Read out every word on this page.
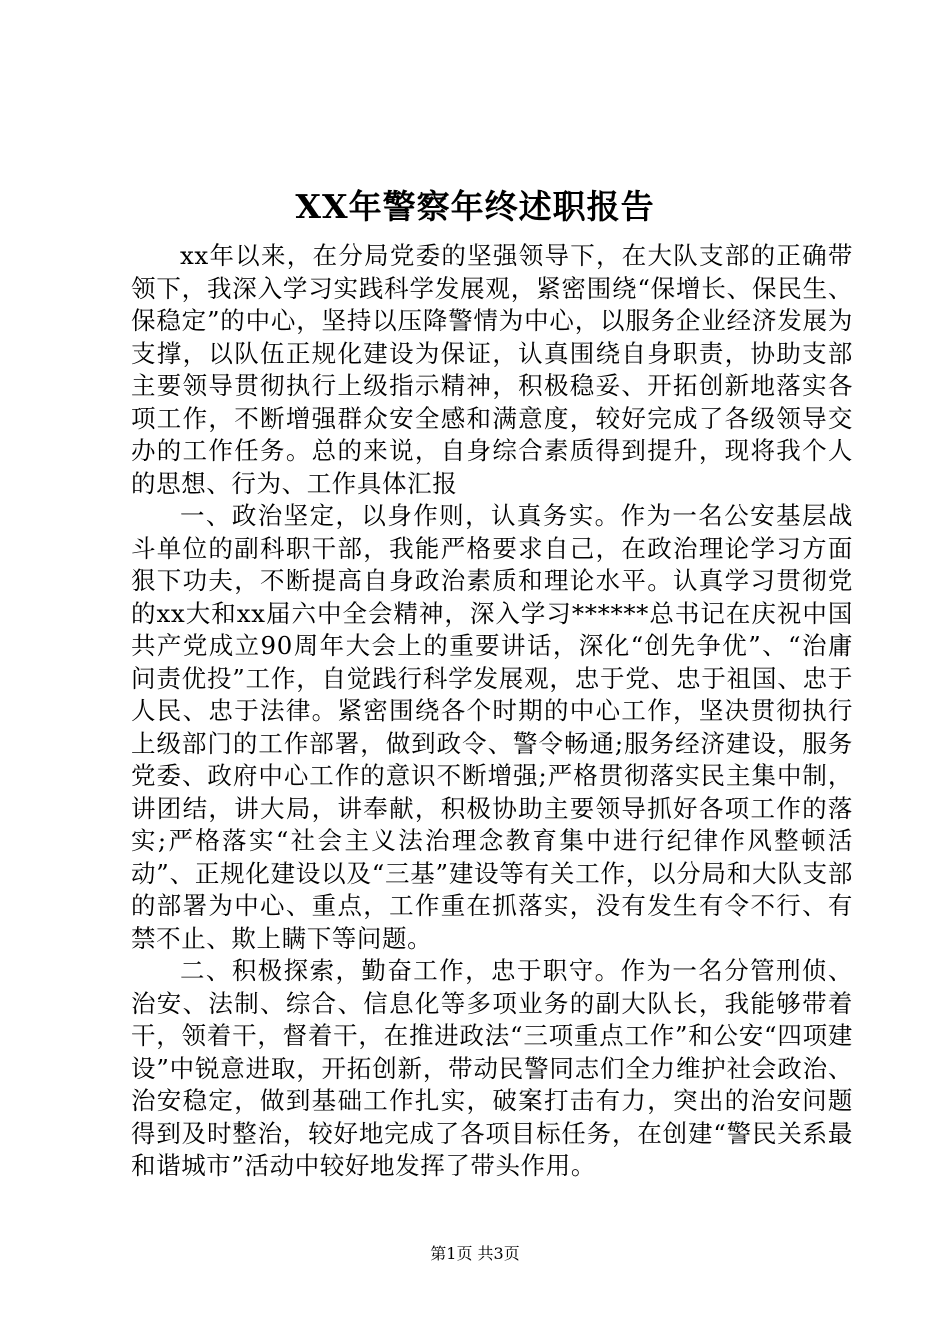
XX年警察年终述职报告

xx年以来，在分局党委的坚强领导下，在大队支部的正确带领下，我深入学习实践科学发展观，紧密围绕“保增长、保民生、保稳定”的中心，坚持以压降警情为中心，以服务企业经济发展为支撑，以队伍正规化建设为保证，认真围绕自身职责，协助支部主要领导贯彻执行上级指示精神，积极稳妥、开拓创新地落实各项工作，不断增强群众安全感和满意度，较好完成了各级领导交办的工作任务。总的来说，自身综合素质得到提升，现将我个人的思想、行为、工作具体汇报

一、政治坚定，以身作则，认真务实。作为一名公安基层战斗单位的副科职干部，我能严格要求自己，在政治理论学习方面狠下功夫，不断提高自身政治素质和理论水平。认真学习贯彻党的xx大和xx届六中全会精神，深入学习******总书记在庆祝中国共产党成立90周年大会上的重要讲话，深化“创先争优”、“治庸问责优投”工作，自觉践行科学发展观，忠于党、忠于祖国、忠于人民、忠于法律。紧密围绕各个时期的中心工作，坚决贯彻执行上级部门的工作部署，做到政令、警令畅通;服务经济建设，服务党委、政府中心工作的意识不断增强;严格贯彻落实民主集中制，讲团结，讲大局，讲奉献，积极协助主要领导抓好各项工作的落实;严格落实“社会主义法治理念教育集中进行纪律作风整顿活动”、正规化建设以及“三基”建设等有关工作，以分局和大队支部的部署为中心、重点，工作重在抓落实，没有发生有令不行、有禁不止、欺上瞒下等问题。

二、积极探索，勤奋工作，忠于职守。作为一名分管刑侦、治安、法制、综合、信息化等多项业务的副大队长，我能够带着干，领着干，督着干，在推进政法“三项重点工作”和公安“四项建设”中锐意进取，开拓创新，带动民警同志们全力维护社会政治、治安稳定，做到基础工作扎实，破案打击有力，突出的治安问题得到及时整治，较好地完成了各项目标任务，在创建“警民关系最和谐城市”活动中较好地发挥了带头作用。

第1页 共3页
